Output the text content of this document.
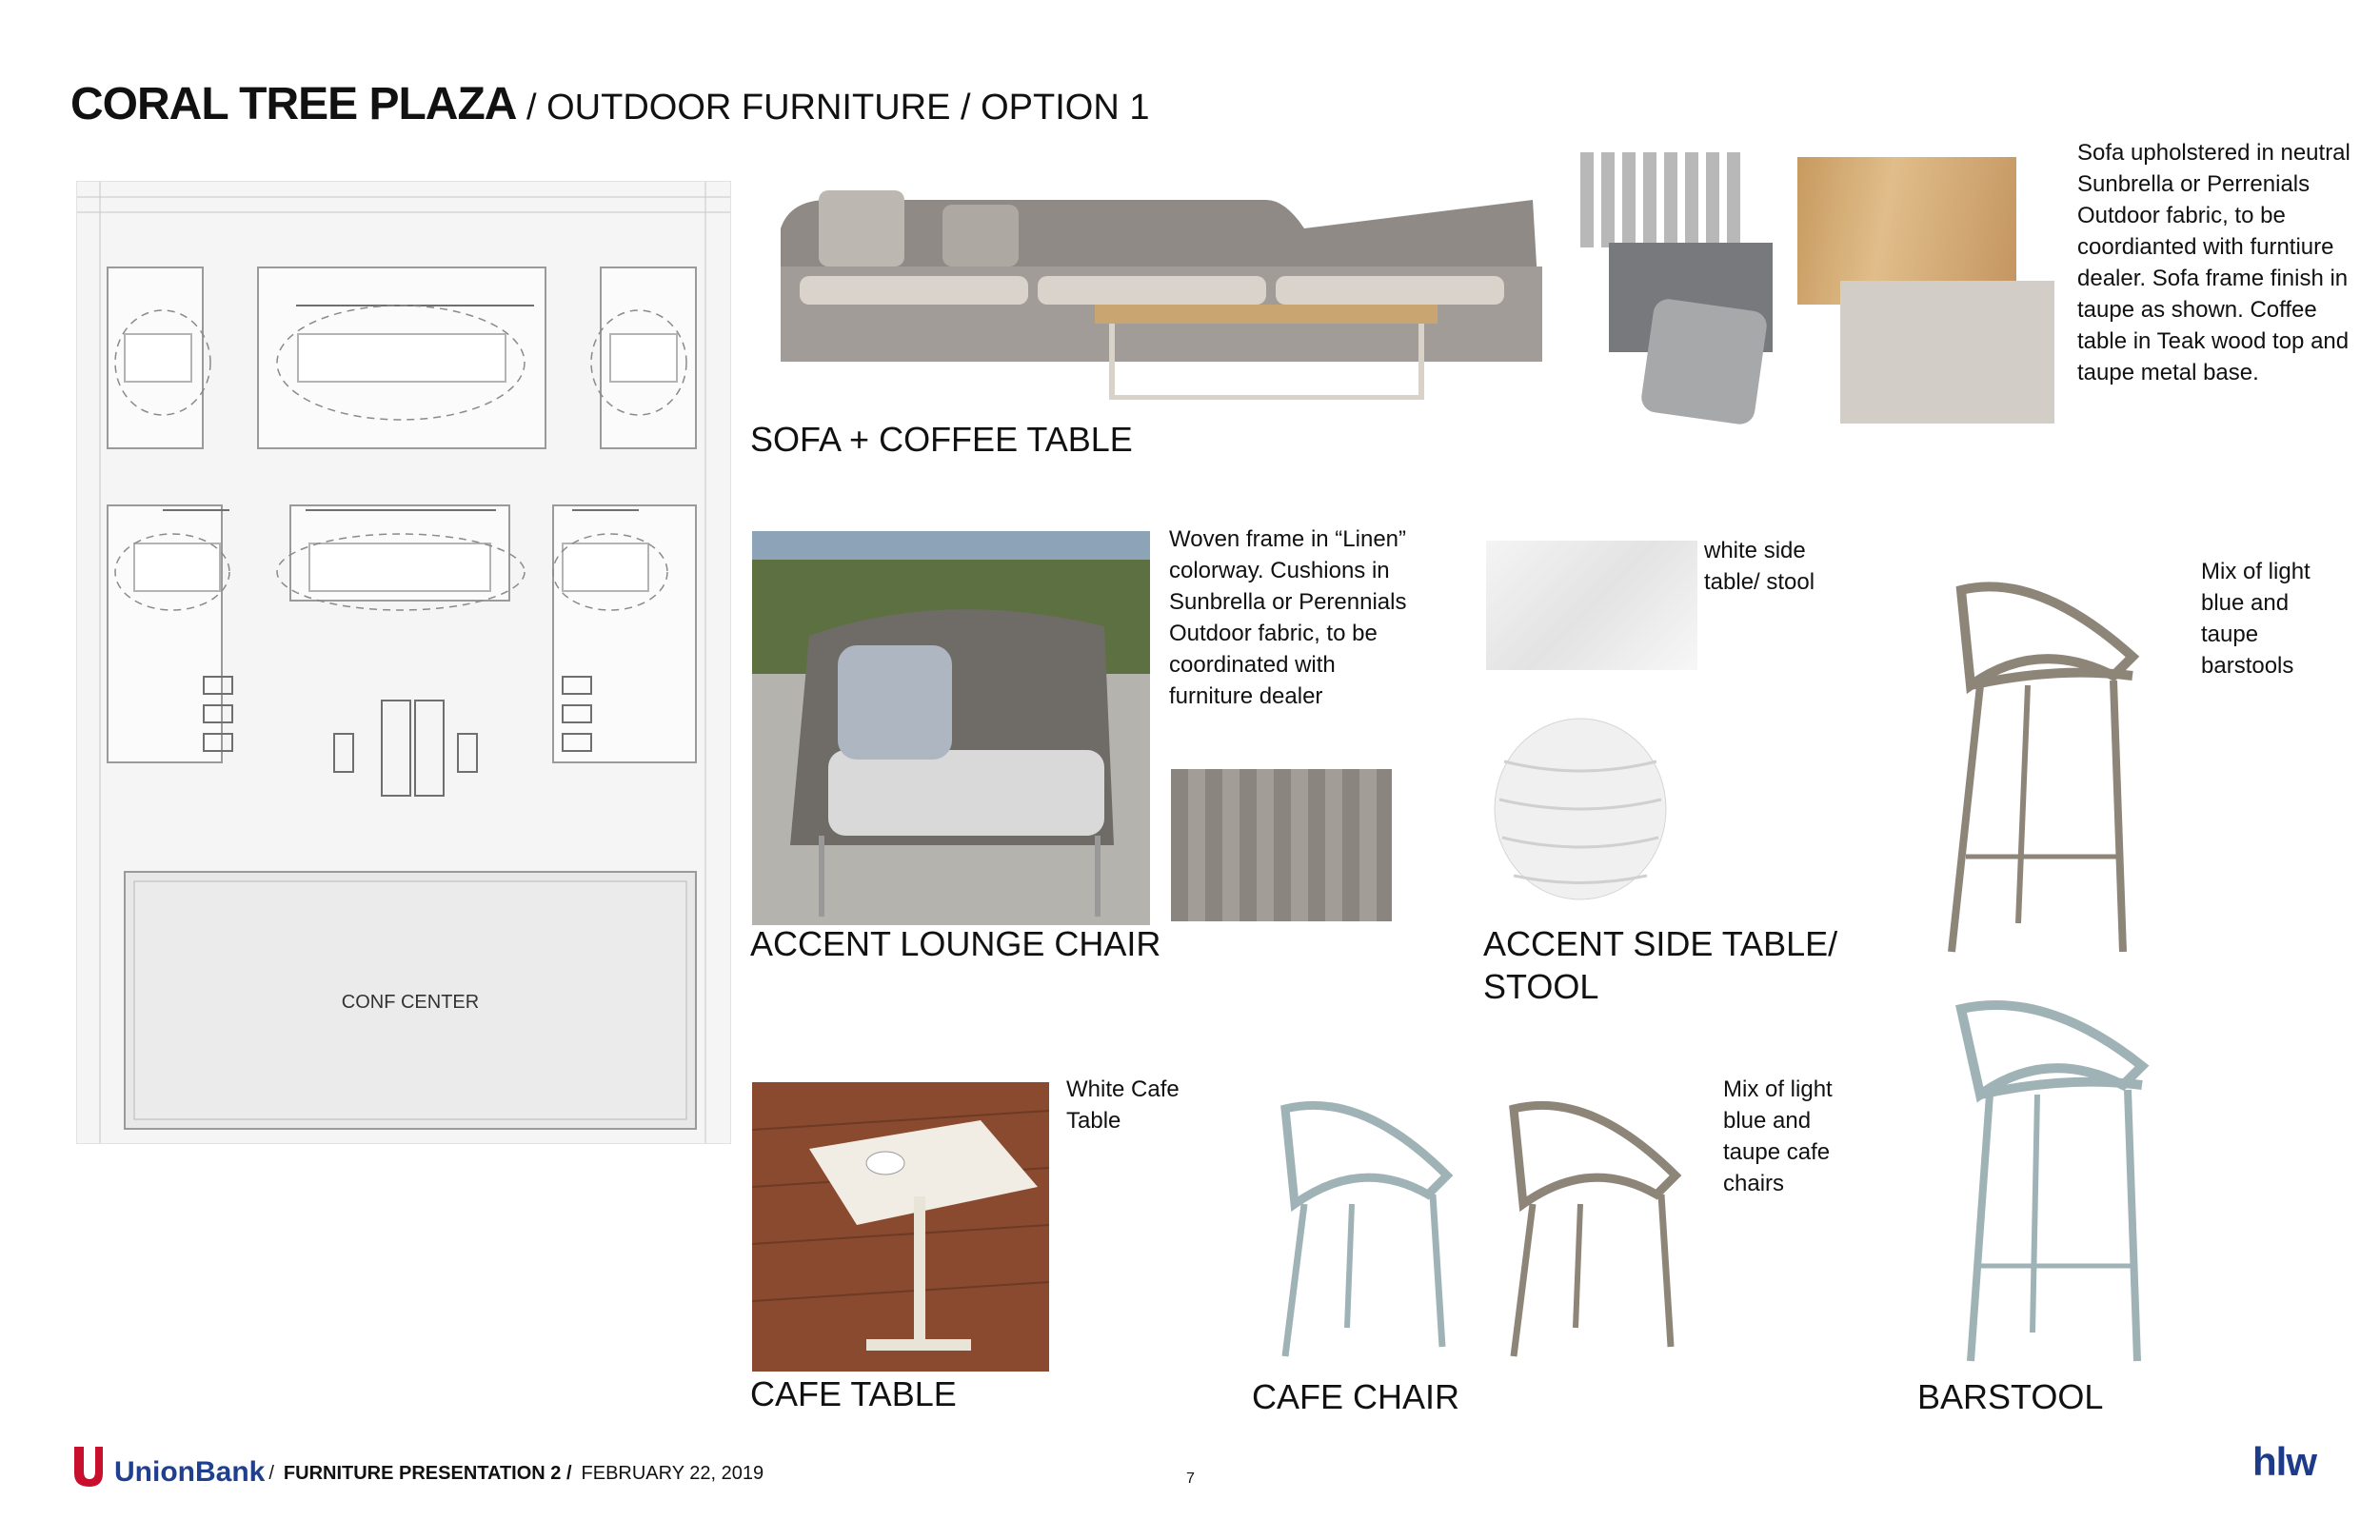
CORAL TREE PLAZA / OUTDOOR FURNITURE / OPTION 1
CONF CENTER
SOFA + COFFEE TABLE
Sofa upholstered in neutral Sunbrella or Perrenials Outdoor fabric, to be coordianted with furntiure dealer. Sofa frame finish in taupe as shown. Coffee table in Teak wood top and taupe metal base.
Woven frame in “Linen” colorway. Cushions in Sunbrella or Perennials Outdoor fabric, to be coordinated with furniture dealer
ACCENT LOUNGE CHAIR
white side table/ stool
ACCENT SIDE TABLE/
STOOL
Mix of light blue and taupe barstools
BARSTOOL
White Cafe Table
CAFE TABLE
Mix of light blue and taupe cafe chairs
CAFE CHAIR
UnionBank / FURNITURE PRESENTATION 2 / FEBRUARY 22, 2019	7	hlw
